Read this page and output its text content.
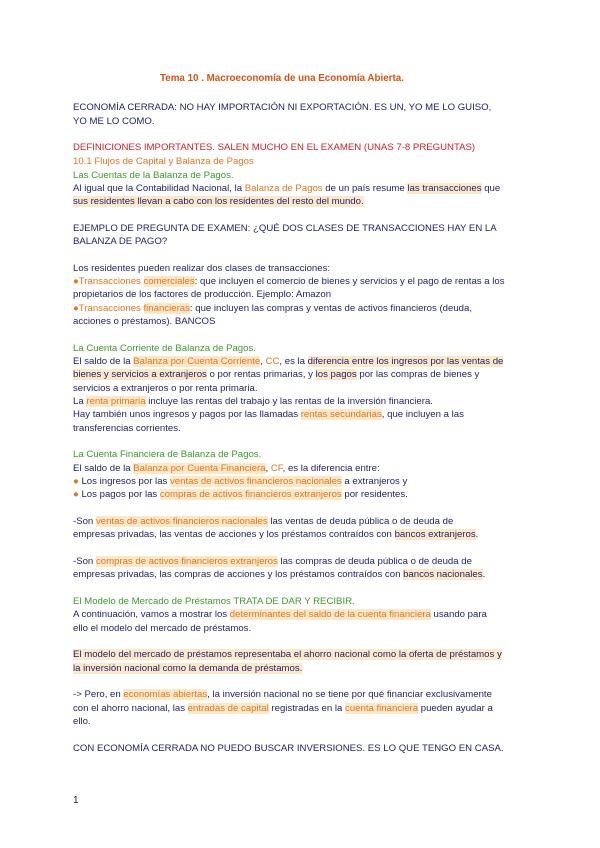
Tema 10 . Macroeconomía de una Economía Abierta.
ECONOMÍA CERRADA: NO HAY IMPORTACIÓN NI EXPORTACIÓN. ES UN, YO ME LO GUISO,
YO ME LO COMO.
DEFINICIONES IMPORTANTES. SALEN MUCHO EN EL EXAMEN (UNAS 7-8 PREGUNTAS)
10.1 Flujos de Capital y Balanza de Pagos
Las Cuentas de la Balanza de Pagos.
Al igual que la Contabilidad Nacional, la Balanza de Pagos de un país resume las transacciones que
sus residentes llevan a cabo con los residentes del resto del mundo.
EJEMPLO DE PREGUNTA DE EXAMEN: ¿QUÉ DOS CLASES DE TRANSACCIONES HAY EN LA
BALANZA DE PAGO?
Los residentes pueden realizar dos clases de transacciones:
●Transacciones comerciales: que incluyen el comercio de bienes y servicios y el pago de rentas a los
propietarios de los factores de producción. Ejemplo: Amazon
●Transacciones financieras: que incluyen las compras y ventas de activos financieros (deuda,
acciones o préstamos). BANCOS
La Cuenta Corriente de Balanza de Pagos.
El saldo de la Balanza por Cuenta Corriente, CC, es la diferencia entre los ingresos por las ventas de
bienes y servicios a extranjeros o por rentas primarias, y los pagos por las compras de bienes y
servicios a extranjeros o por renta primaria.
La renta primaria incluye las rentas del trabajo y las rentas de la inversión financiera.
Hay también unos ingresos y pagos por las llamadas rentas secundarias, que incluyen a las
transferencias corrientes.
La Cuenta Financiera de Balanza de Pagos.
El saldo de la Balanza por Cuenta Financiera, CF, es la diferencia entre:
● Los ingresos por las ventas de activos financieros nacionales a extranjeros y
● Los pagos por las compras de activos financieros extranjeros por residentes.
-Son ventas de activos financieros nacionales las ventas de deuda pública o de deuda de
empresas privadas, las ventas de acciones y los préstamos contraídos con bancos extranjeros.
-Son compras de activos financieros extranjeros las compras de deuda pública o de deuda de
empresas privadas, las compras de acciones y los préstamos contraídos con bancos nacionales.
El Modelo de Mercado de Préstamos TRATA DE DAR Y RECIBIR.
A continuación, vamos a mostrar los determinantes del saldo de la cuenta financiera usando para
ello el modelo del mercado de préstamos.
El modelo del mercado de préstamos representaba el ahorro nacional como la oferta de préstamos y
la inversión nacional como la demanda de préstamos.
-> Pero, en economías abiertas, la inversión nacional no se tiene por qué financiar exclusivamente
con el ahorro nacional, las entradas de capital registradas en la cuenta financiera pueden ayudar a
ello.
CON ECONOMÍA CERRADA NO PUEDO BUSCAR INVERSIONES. ES LO QUE TENGO EN CASA.
1
